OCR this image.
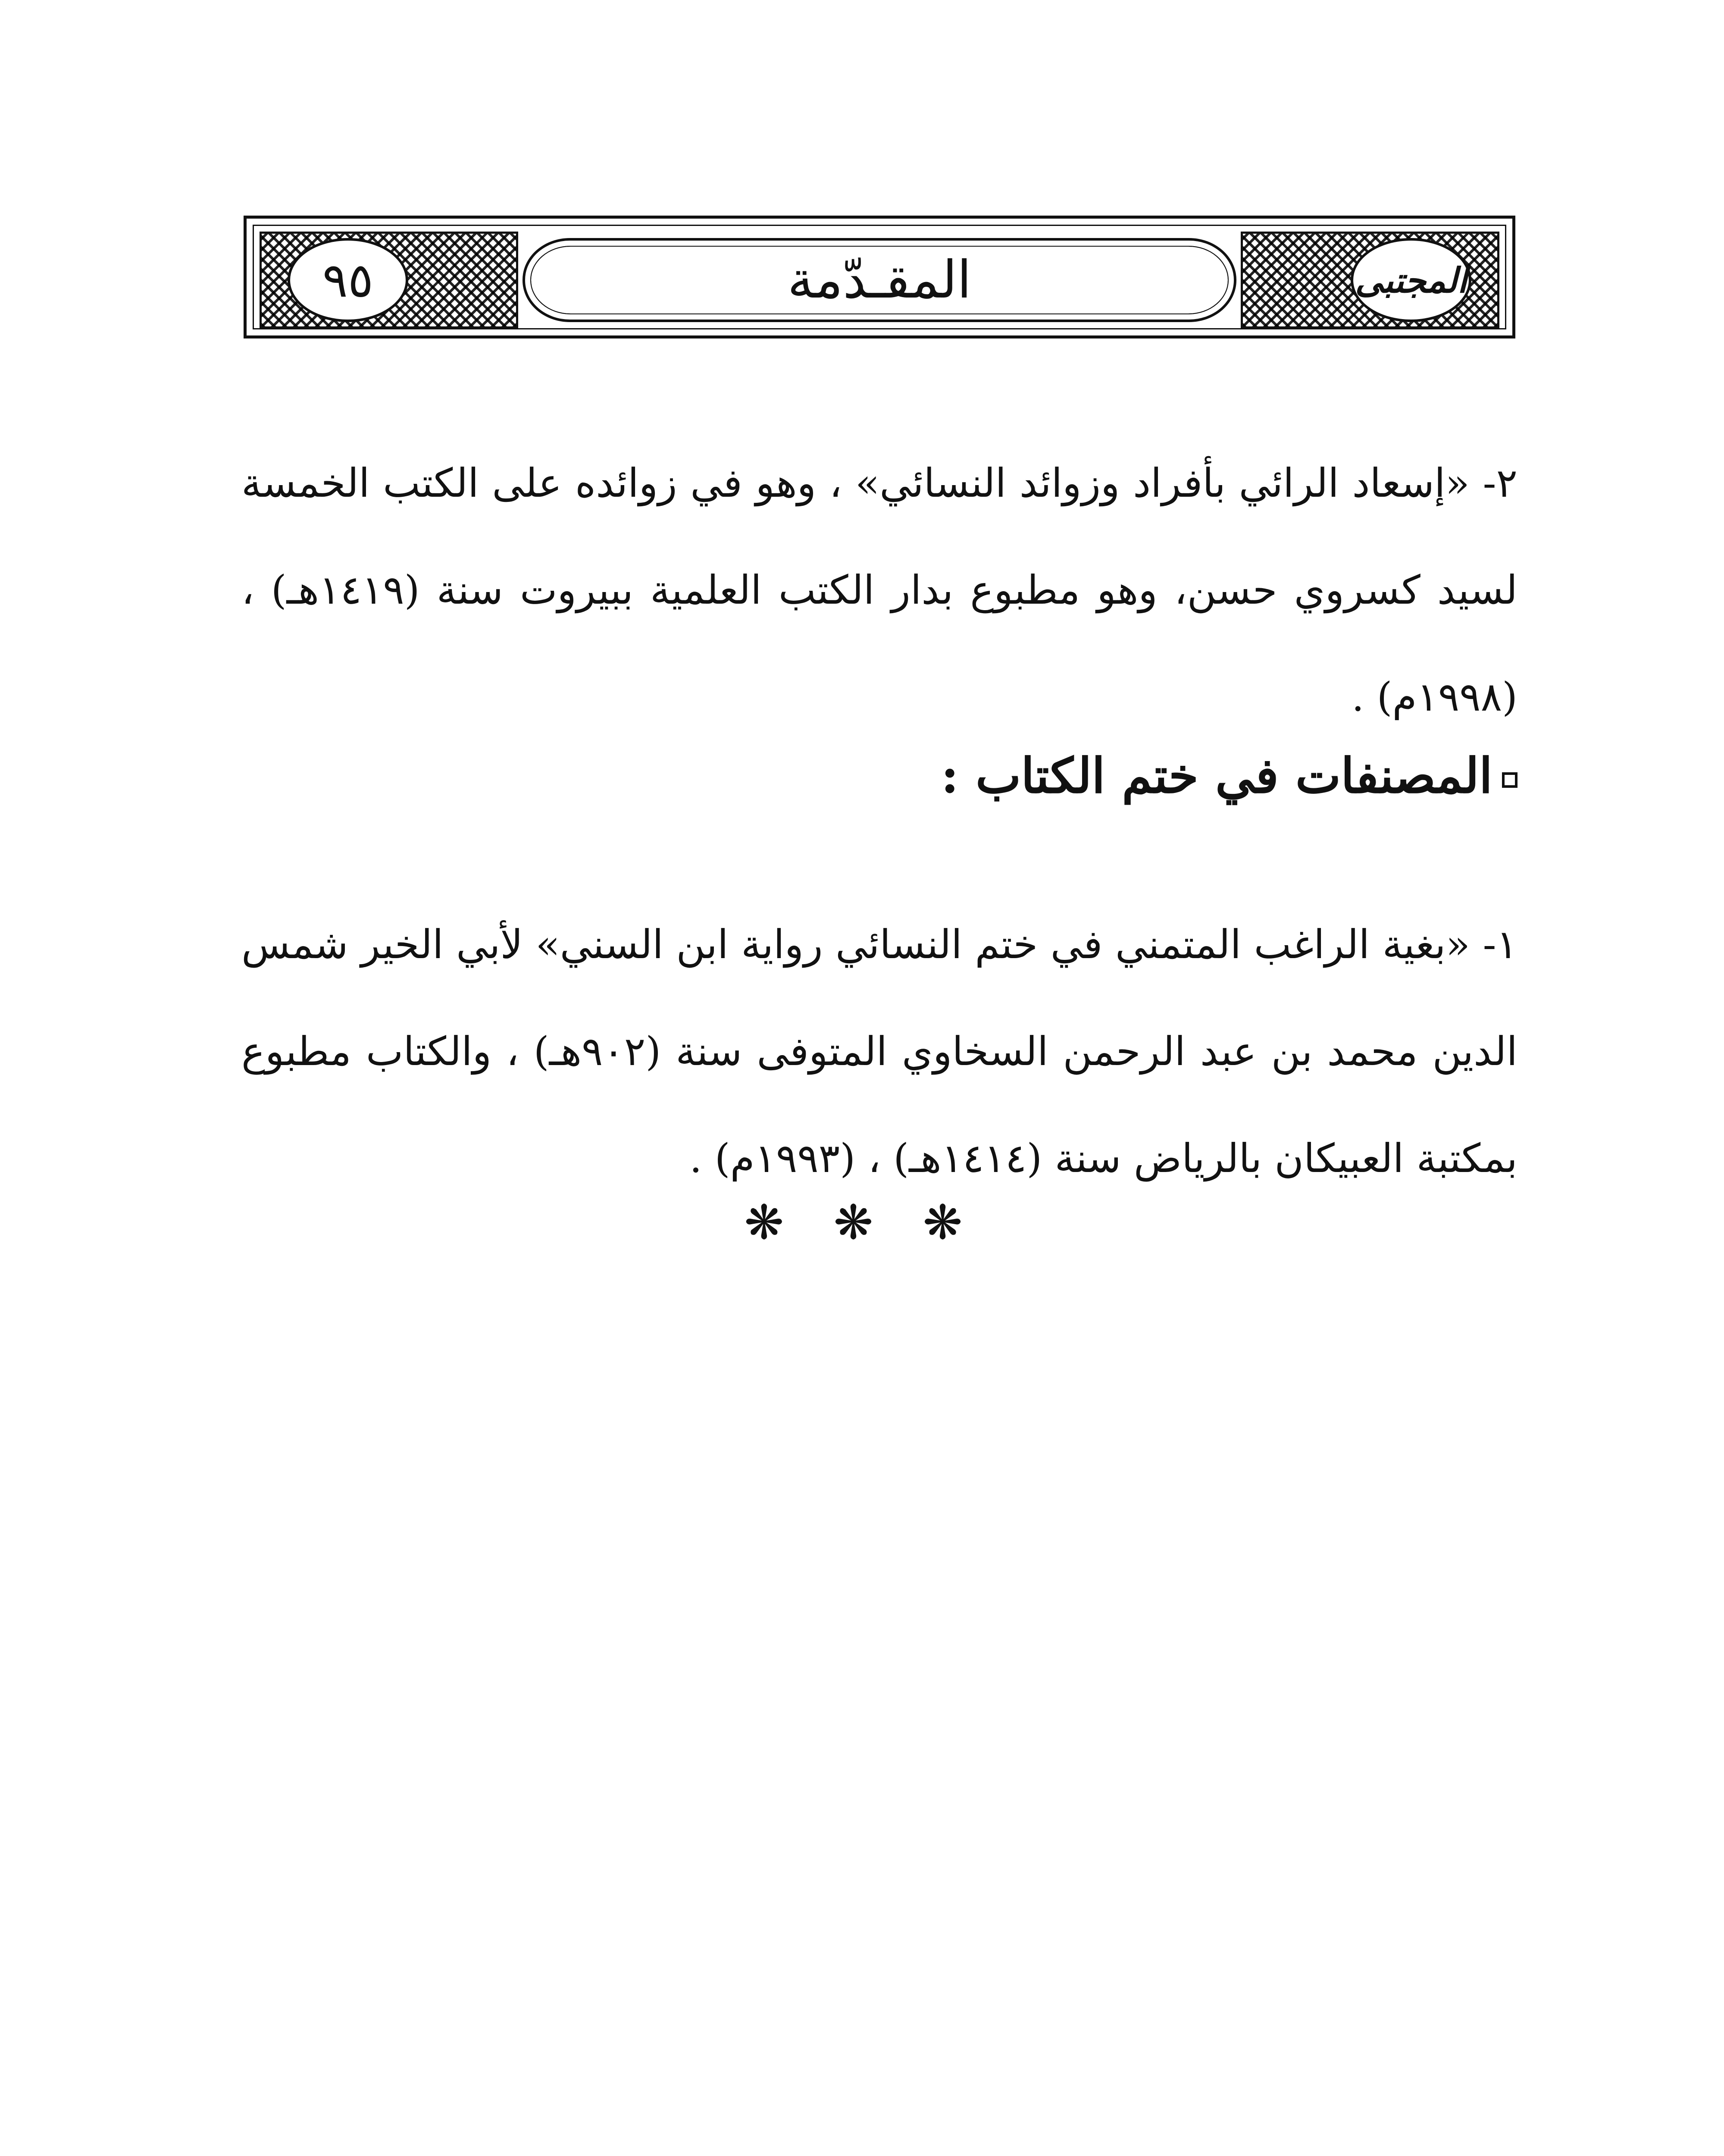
٩٥	المقـدّمة	المجتبى

٢- «إسعاد الرائي بأفراد وزوائد النسائي» ، وهو في زوائده على الكتب الخمسة لسيد كسروي حسن، وهو مطبوع بدار الكتب العلمية ببيروت سنة (١٤١٩هـ) ، (١٩٩٨م) .

المصنفات في ختم الكتاب :

١- «بغية الراغب المتمني في ختم النسائي رواية ابن السني» لأبي الخير شمس الدين محمد بن عبد الرحمن السخاوي المتوفى سنة (٩٠٢هـ) ، والكتاب مطبوع بمكتبة العبيكان بالرياض سنة (١٤١٤هـ) ، (١٩٩٣م) .

❋ ❋ ❋
